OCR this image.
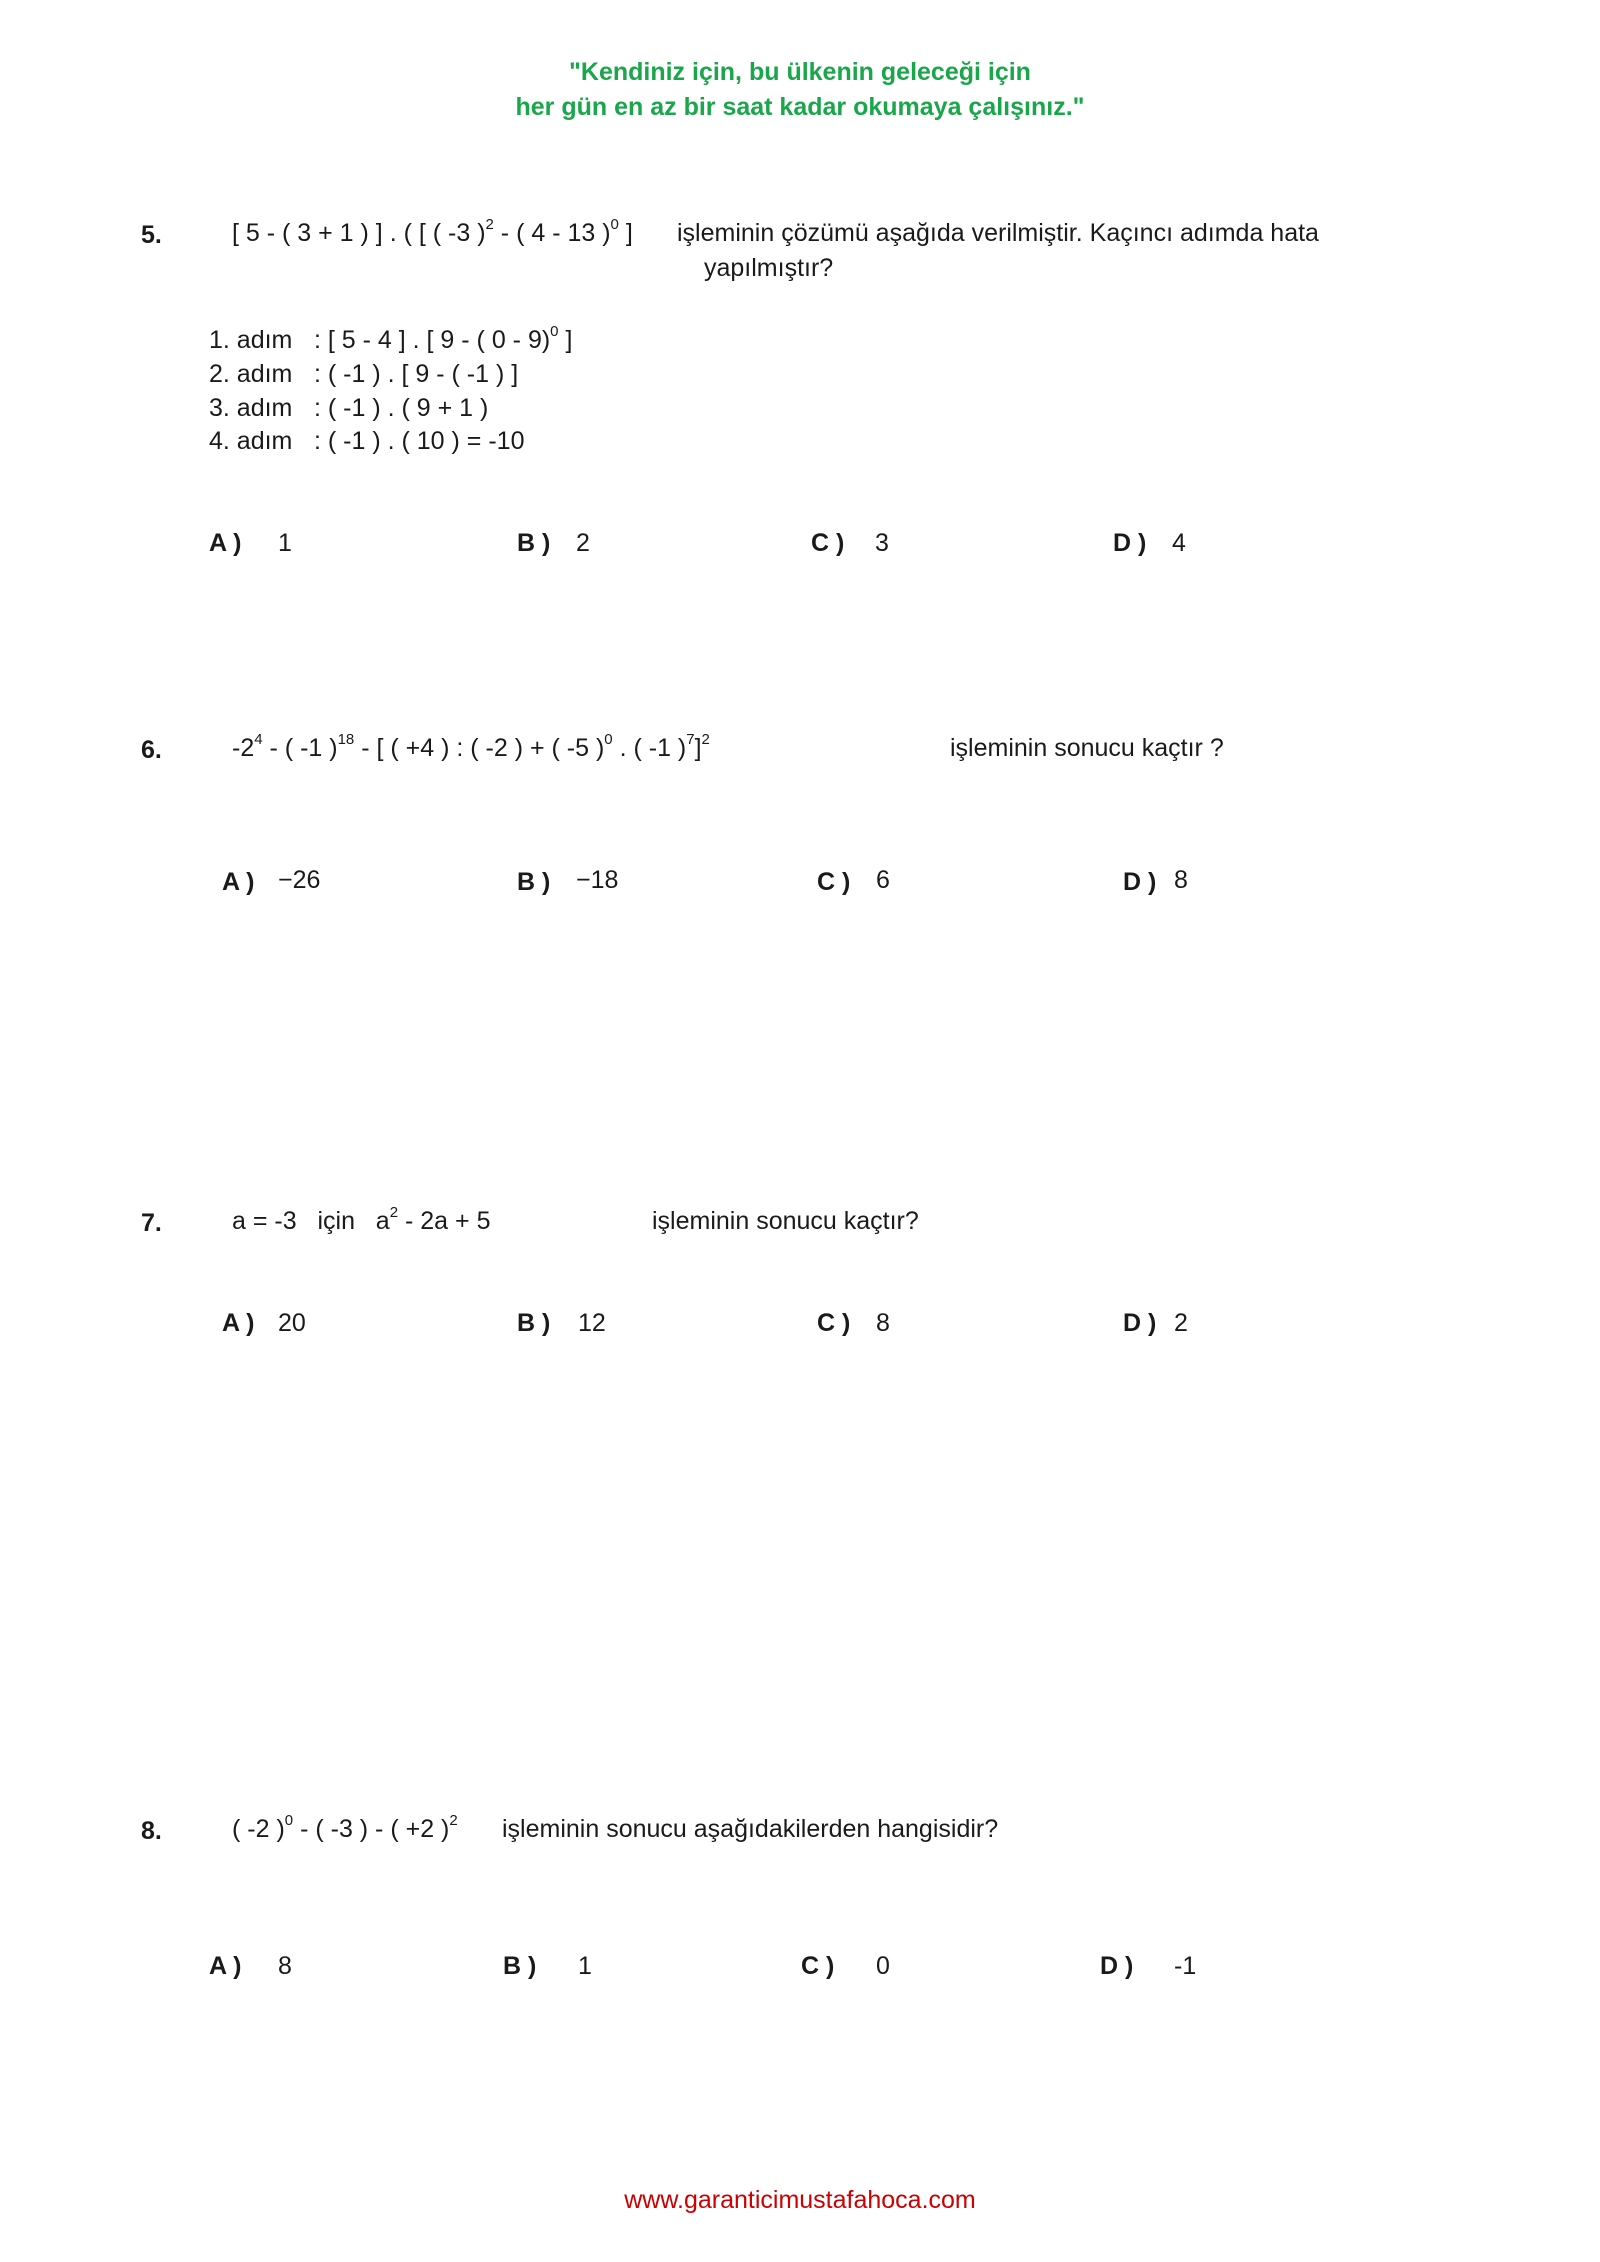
"Kendiniz için, bu ülkenin geleceği için
her gün en az bir saat kadar okumaya çalışınız."
5.	[ 5 - ( 3 + 1 ) ] . ( [ ( -3 )$^2$ - ( 4 - 13 )$^0$ ] işleminin çözümü aşağıda verilmiştir. Kaçıncı adımda hata
yapılmıştır?
1. adım : [ 5 - 4 ] . [ 9 - ( 0 - 9)$^0$ ]
2. adım : ( -1 ) . [ 9 - ( -1 ) ]
3. adım : ( -1 ) . ( 9 + 1 )
4. adım : ( -1 ) . ( 10 ) = -10
A ) 1	B ) 2	C ) 3	D ) 4
6.	$-2^4$ - ( -1 )$^{18}$ - [ ( +4 ) : ( -2 ) + ( -5 )$^0$ . ( -1 )$^7$]$^2$	işleminin sonucu kaçtır ?
A ) −26	B ) −18	C ) 6	D ) 8
7.	a = -3   için   $a^2 - 2a + 5$	işleminin sonucu kaçtır?
A ) 20	B ) 12	C ) 8	D ) 2
8.	( -2 )$^0$ - ( -3 ) - ( +2 )$^2$ işleminin sonucu aşağıdakilerden hangisidir?
A ) 8	B ) 1	C ) 0	D ) -1
www.garanticimustafahoca.com
